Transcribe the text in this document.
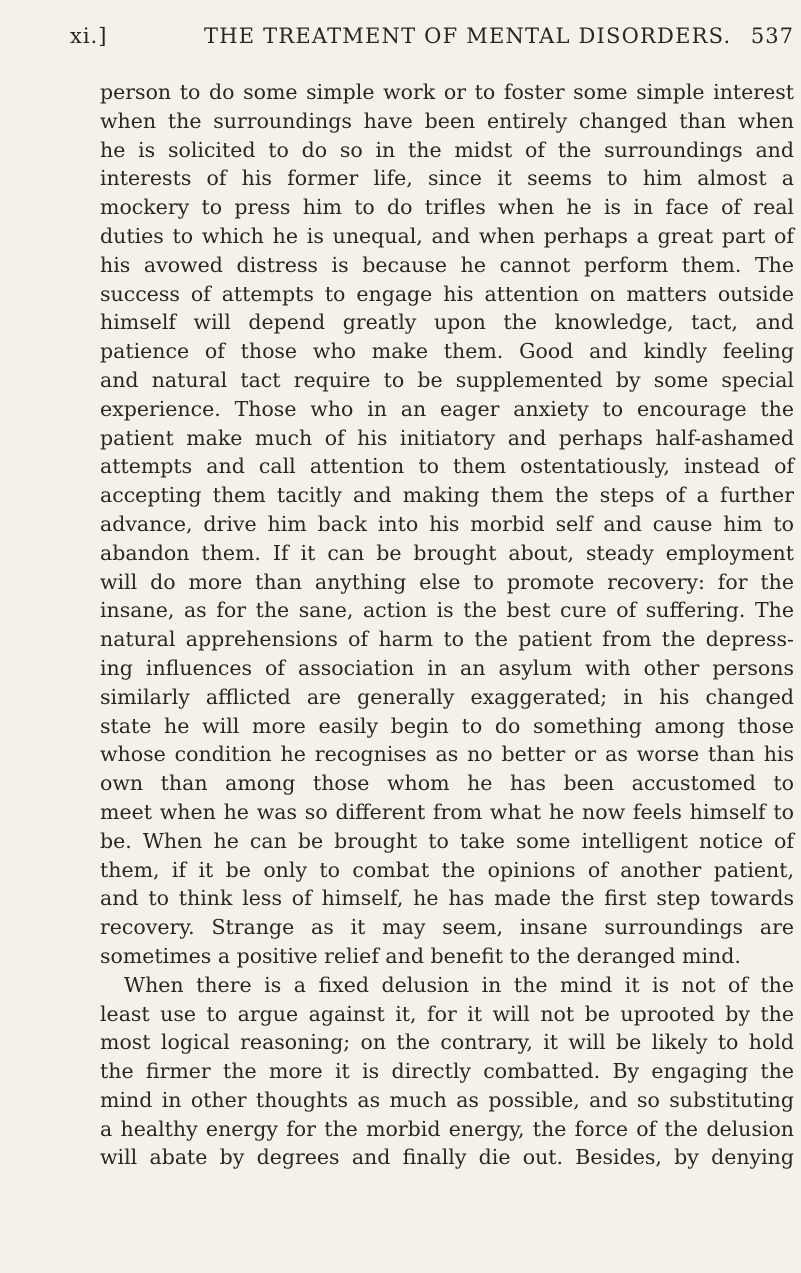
xi.]	THE TREATMENT OF MENTAL DISORDERS. 537
person to do some simple work or to foster some simple interest
when the surroundings have been entirely changed than when
he is solicited to do so in the midst of the surroundings and
interests of his former life, since it seems to him almost a
mockery to press him to do trifles when he is in face of real
duties to which he is unequal, and when perhaps a great part of
his avowed distress is because he cannot perform them. The
success of attempts to engage his attention on matters outside
himself will depend greatly upon the knowledge, tact, and
patience of those who make them. Good and kindly feeling
and natural tact require to be supplemented by some special
experience. Those who in an eager anxiety to encourage the
patient make much of his initiatory and perhaps half-ashamed
attempts and call attention to them ostentatiously, instead of
accepting them tacitly and making them the steps of a further
advance, drive him back into his morbid self and cause him to
abandon them. If it can be brought about, steady employment
will do more than anything else to promote recovery: for the
insane, as for the sane, action is the best cure of suffering. The
natural apprehensions of harm to the patient from the depress-
ing influences of association in an asylum with other persons
similarly afflicted are generally exaggerated; in his changed
state he will more easily begin to do something among those
whose condition he recognises as no better or as worse than his
own than among those whom he has been accustomed to
meet when he was so different from what he now feels himself to
be. When he can be brought to take some intelligent notice of
them, if it be only to combat the opinions of another patient,
and to think less of himself, he has made the first step towards
recovery. Strange as it may seem, insane surroundings are
sometimes a positive relief and benefit to the deranged mind.
When there is a fixed delusion in the mind it is not of the
least use to argue against it, for it will not be uprooted by the
most logical reasoning; on the contrary, it will be likely to hold
the firmer the more it is directly combatted. By engaging the
mind in other thoughts as much as possible, and so substituting
a healthy energy for the morbid energy, the force of the delusion
will abate by degrees and finally die out. Besides, by denying
